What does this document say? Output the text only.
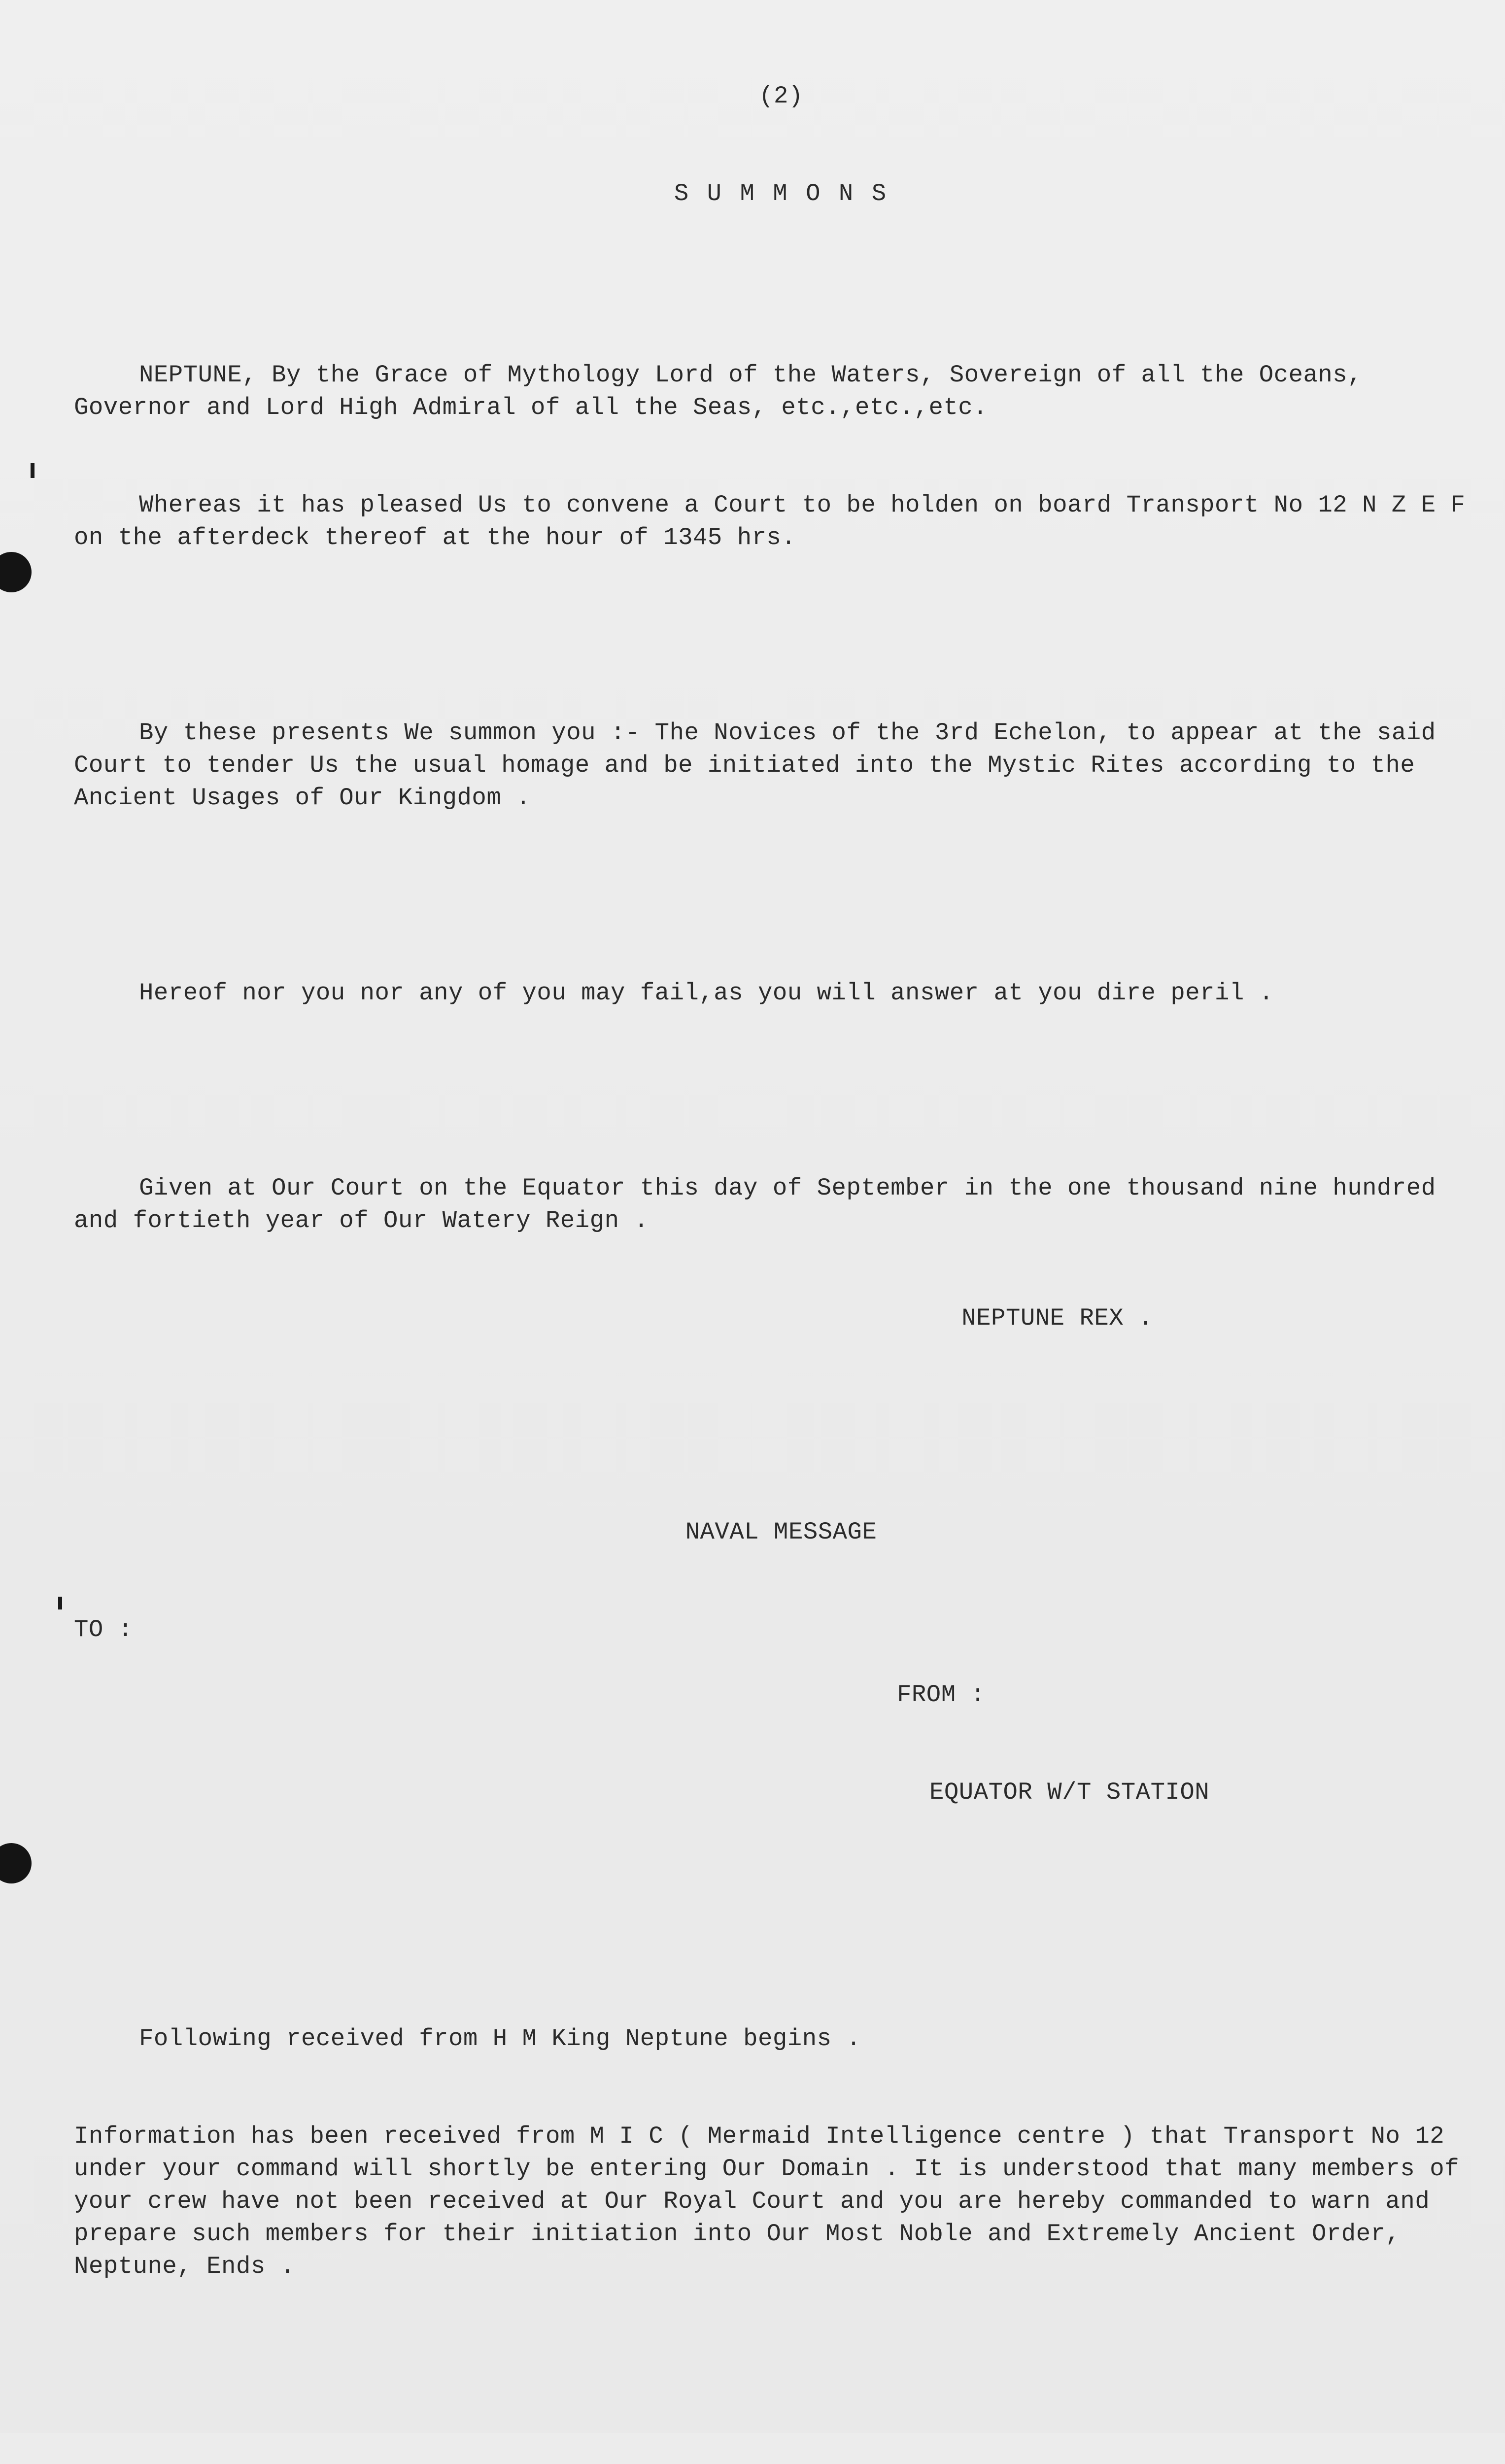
(2)

S U M M O N S

NEPTUNE, By the Grace of Mythology Lord of the Waters, Sovereign of all the Oceans, Governor and Lord High Admiral of all the Seas, etc.,etc.,etc.

Whereas it has pleased Us to convene a Court to be holden on board Transport No 12 N Z E F on the afterdeck thereof at the hour of 1345 hrs.

By these presents We summon you :- The Novices of the 3rd Echelon, to appear at the said Court to tender Us the usual homage and be initiated into the Mystic Rites according to the Ancient Usages of Our Kingdom .

Hereof nor you nor any of you may fail,as you will answer at you dire peril .

Given at Our Court on the Equator this day of September in the one thousand nine hundred and fortieth year of Our Watery Reign .

NEPTUNE REX .

NAVAL MESSAGE

TO :

FROM :

EQUATOR W/T STATION

Following received from H M King Neptune begins .

Information has been received from M I C ( Mermaid Intelligence centre ) that Transport No 12 under your command will shortly be entering Our Domain . It is understood that many members of your crew have not been received at Our Royal Court and you are hereby commanded to warn and prepare such members for their initiation into Our Most Noble and Extremely Ancient Order, Neptune, Ends .
